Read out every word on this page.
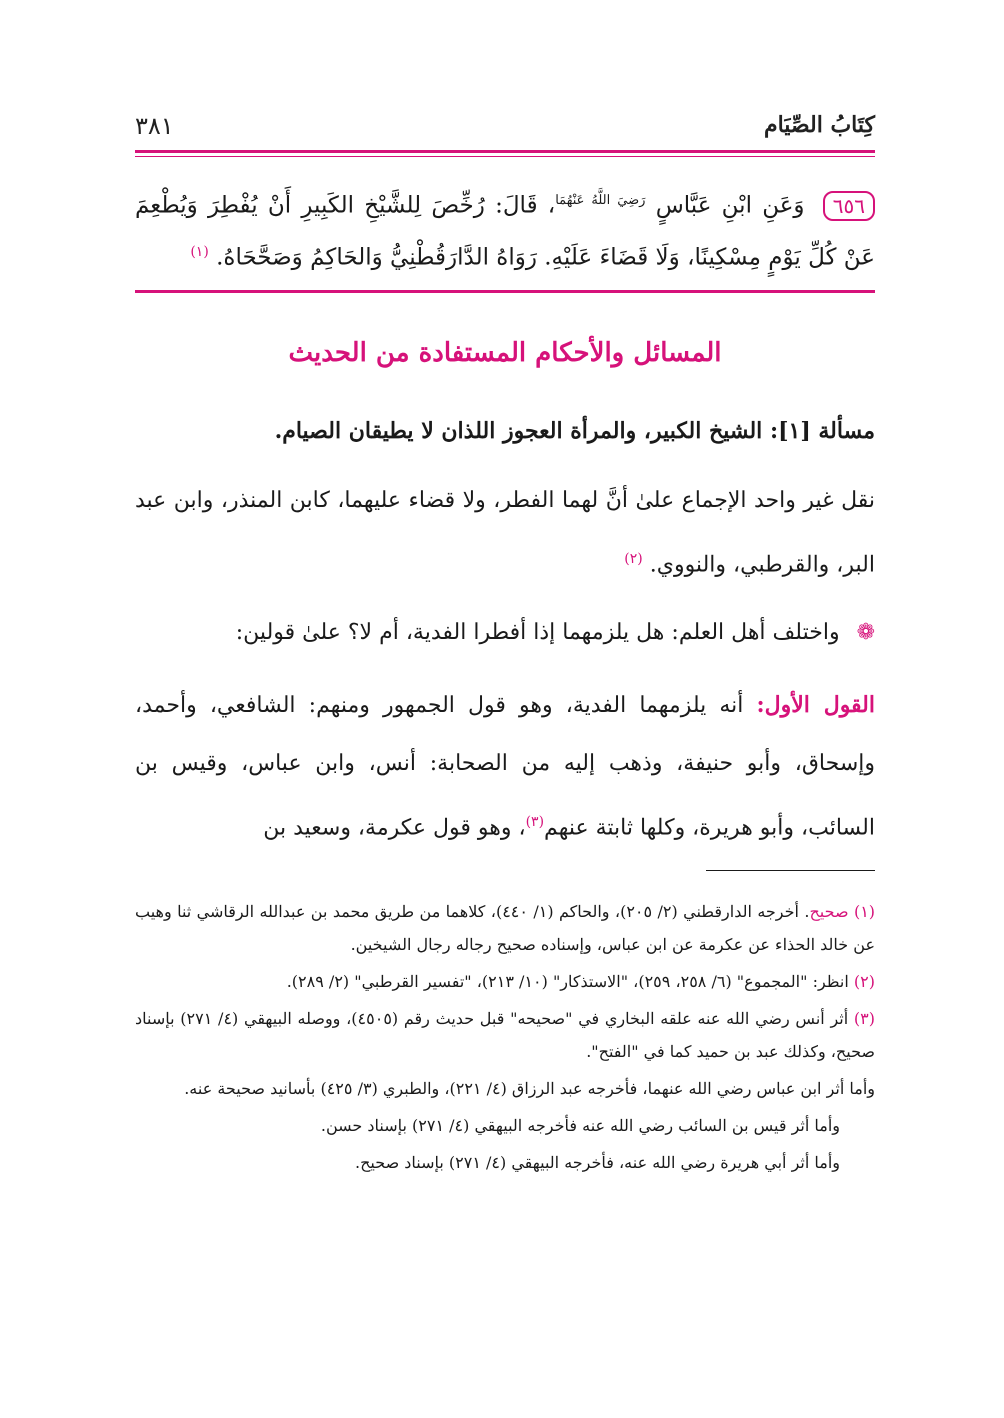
كِتَابُ الصِّيَام
٣٨١
٦٥٦ وَعَنِ ابْنِ عَبَّاسٍ $^{رَضِيَ اللَّهُ عَنْهُمَا}$، قَالَ: رُخِّصَ لِلشَّيْخِ الكَبِيرِ أَنْ يُفْطِرَ وَيُطْعِمَ عَنْ كُلِّ يَوْمٍ مِسْكِينًا، وَلَا قَضَاءَ عَلَيْهِ. رَوَاهُ الدَّارَقُطْنِيُّ وَالحَاكِمُ وَصَحَّحَاهُ. $^{(١)}$
المسائل والأحكام المستفادة من الحديث
مسألة [١]: الشيخ الكبير، والمرأة العجوز اللذان لا يطيقان الصيام.
نقل غير واحد الإجماع علىٰ أنَّ لهما الفطر، ولا قضاء عليهما، كابن المنذر، وابن عبد البر، والقرطبي، والنووي. $^{(٢)}$
❁ واختلف أهل العلم: هل يلزمهما إذا أفطرا الفدية، أم لا؟ علىٰ قولين:
القول الأول: أنه يلزمهما الفدية، وهو قول الجمهور ومنهم: الشافعي، وأحمد، وإسحاق، وأبو حنيفة، وذهب إليه من الصحابة: أنس، وابن عباس، وقيس بن السائب، وأبو هريرة، وكلها ثابتة عنهم$^{(٣)}$، وهو قول عكرمة، وسعيد بن

(١) صحيح. أخرجه الدارقطني (٢/ ٢٠٥)، والحاكم (١/ ٤٤٠)، كلاهما من طريق محمد بن عبدالله الرقاشي ثنا وهيب عن خالد الحذاء عن عكرمة عن ابن عباس، وإسناده صحيح رجاله رجال الشيخين.

(٢) انظر: "المجموع" (٦/ ٢٥٨، ٢٥٩)، "الاستذكار" (١٠/ ٢١٣)، "تفسير القرطبي" (٢/ ٢٨٩).

(٣) أثر أنس رضي الله عنه علقه البخاري في "صحيحه" قبل حديث رقم (٤٥٠٥)، ووصله البيهقي (٤/ ٢٧١) بإسناد صحيح، وكذلك عبد بن حميد كما في "الفتح".

وأما أثر ابن عباس رضي الله عنهما، فأخرجه عبد الرزاق (٤/ ٢٢١)، والطبري (٣/ ٤٢٥) بأسانيد صحيحة عنه.

وأما أثر قيس بن السائب رضي الله عنه فأخرجه البيهقي (٤/ ٢٧١) بإسناد حسن.

وأما أثر أبي هريرة رضي الله عنه، فأخرجه البيهقي (٤/ ٢٧١) بإسناد صحيح.
